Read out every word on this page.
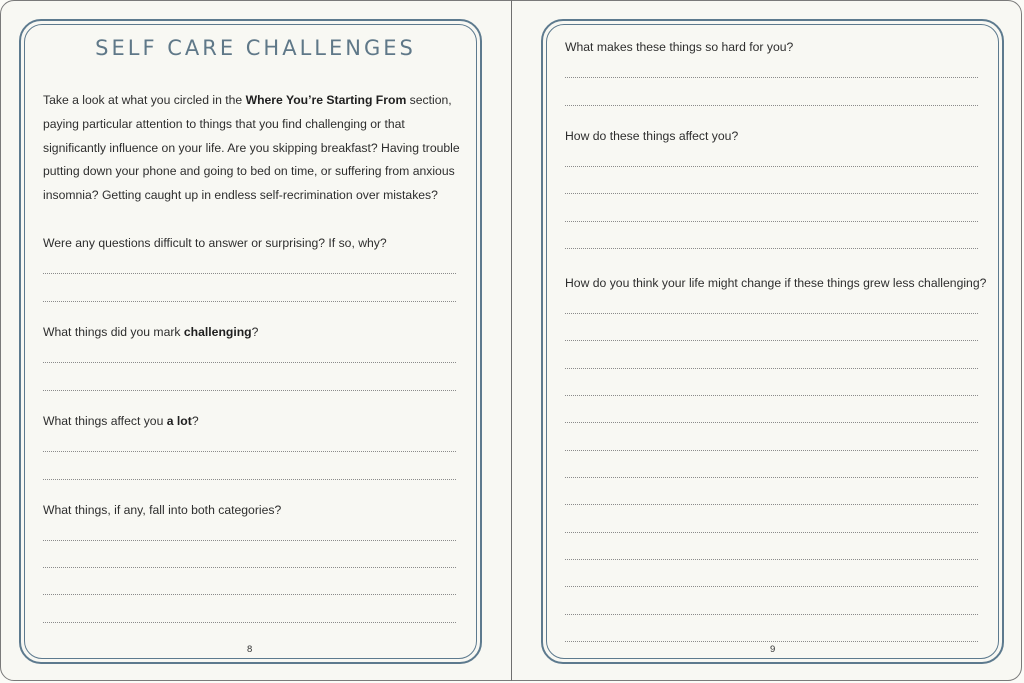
SELF CARE CHALLENGES

Take a look at what you circled in the Where You’re Starting From section, paying particular attention to things that you find challenging or that significantly influence on your life. Are you skipping breakfast? Having trouble putting down your phone and going to bed on time, or suffering from anxious insomnia? Getting caught up in endless self-recrimination over mistakes?

Were any questions difficult to answer or surprising? If so, why?
What things did you mark challenging?
What things affect you a lot?
What things, if any, fall into both categories?
8
What makes these things so hard for you?
How do these things affect you?
How do you think your life might change if these things grew less challenging?
9
